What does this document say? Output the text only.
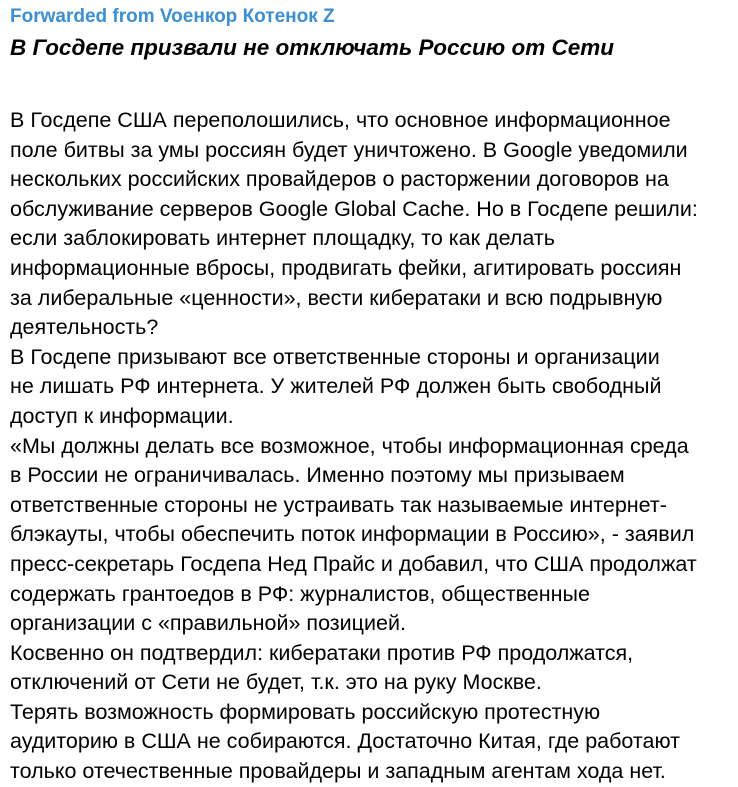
Forwarded from Voенкор Котенок Z
В Госдепе призвали не отключать Россию от Сети
В Госдепе США переполошились, что основное информационное
поле битвы за умы россиян будет уничтожено. В Google уведомили
нескольких российских провайдеров о расторжении договоров на
обслуживание серверов Google Global Cache. Но в Госдепе решили:
если заблокировать интернет площадку, то как делать
информационные вбросы, продвигать фейки, агитировать россиян
за либеральные «ценности», вести кибератаки и всю подрывную
деятельность?
В Госдепе призывают все ответственные стороны и организации
не лишать РФ интернета. У жителей РФ должен быть свободный
доступ к информации.
«Мы должны делать все возможное, чтобы информационная среда
в России не ограничивалась. Именно поэтому мы призываем
ответственные стороны не устраивать так называемые интернет-
блэкауты, чтобы обеспечить поток информации в Россию», - заявил
пресс-секретарь Госдепа Нед Прайс и добавил, что США продолжат
содержать грантоедов в РФ: журналистов, общественные
организации с «правильной» позицией.
Косвенно он подтвердил: кибератаки против РФ продолжатся,
отключений от Сети не будет, т.к. это на руку Москве.
Терять возможность формировать российскую протестную
аудиторию в США не собираются. Достаточно Китая, где работают
только отечественные провайдеры и западным агентам хода нет.
